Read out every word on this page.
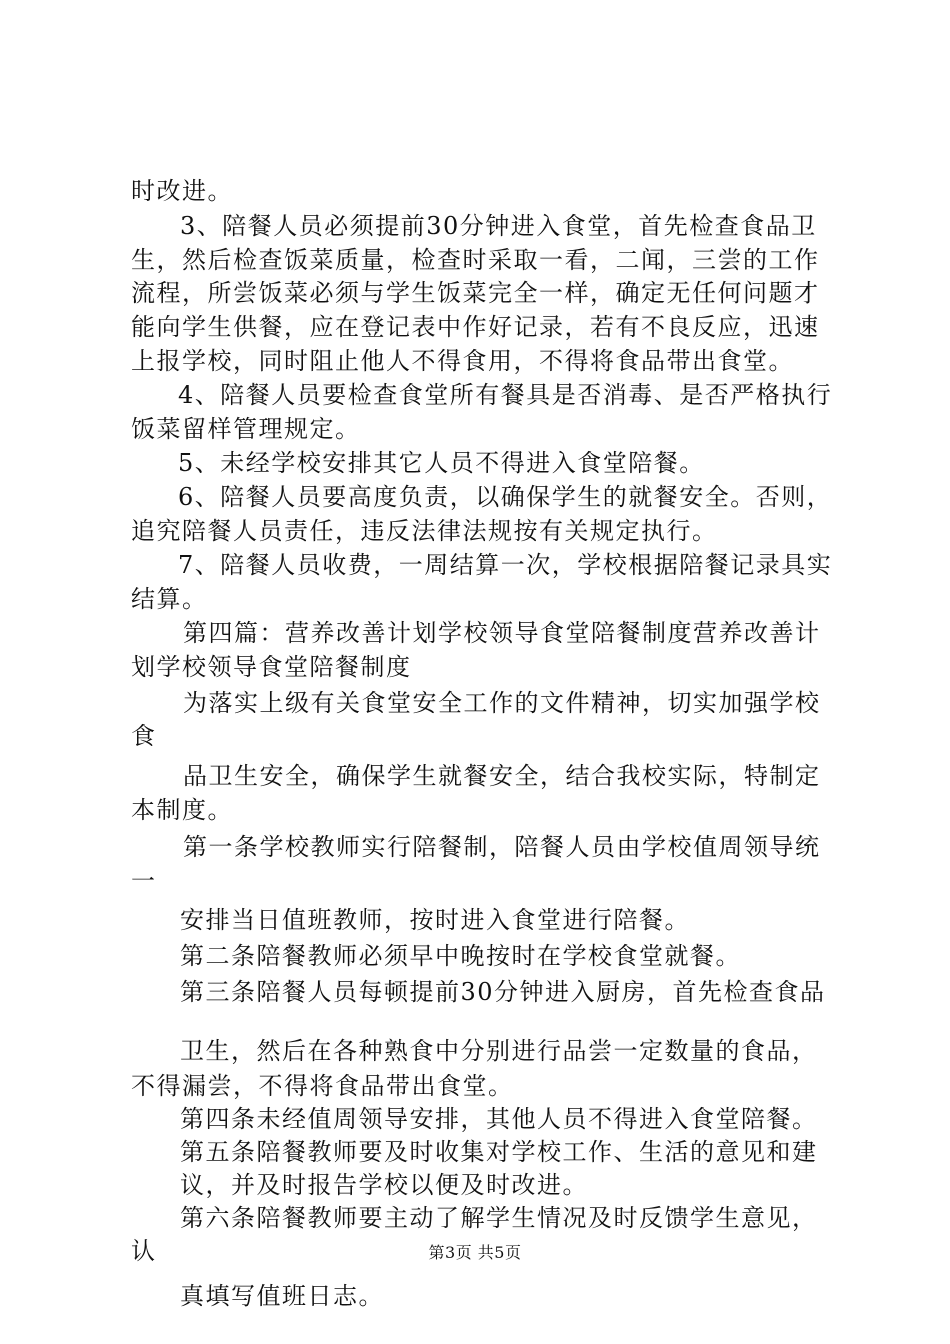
时改进。
3、陪餐人员必须提前30分钟进入食堂，首先检查食品卫
生，然后检查饭菜质量，检查时采取一看，二闻，三尝的工作
流程，所尝饭菜必须与学生饭菜完全一样，确定无任何问题才
能向学生供餐，应在登记表中作好记录，若有不良反应，迅速
上报学校，同时阻止他人不得食用，不得将食品带出食堂。
4、陪餐人员要检查食堂所有餐具是否消毒、是否严格执行
饭菜留样管理规定。
5、未经学校安排其它人员不得进入食堂陪餐。
6、陪餐人员要高度负责，以确保学生的就餐安全。否则，
追究陪餐人员责任，违反法律法规按有关规定执行。
7、陪餐人员收费，一周结算一次，学校根据陪餐记录具实
结算。
第四篇：营养改善计划学校领导食堂陪餐制度营养改善计
划学校领导食堂陪餐制度
为落实上级有关食堂安全工作的文件精神，切实加强学校
食
品卫生安全，确保学生就餐安全，结合我校实际，特制定
本制度。
第一条学校教师实行陪餐制，陪餐人员由学校值周领导统
一
安排当日值班教师，按时进入食堂进行陪餐。
第二条陪餐教师必须早中晚按时在学校食堂就餐。
第三条陪餐人员每顿提前30分钟进入厨房，首先检查食品
卫生，然后在各种熟食中分别进行品尝一定数量的食品，
不得漏尝，不得将食品带出食堂。
第四条未经值周领导安排，其他人员不得进入食堂陪餐。
第五条陪餐教师要及时收集对学校工作、生活的意见和建
议，并及时报告学校以便及时改进。
第六条陪餐教师要主动了解学生情况及时反馈学生意见，
认
真填写值班日志。
第3页 共5页
